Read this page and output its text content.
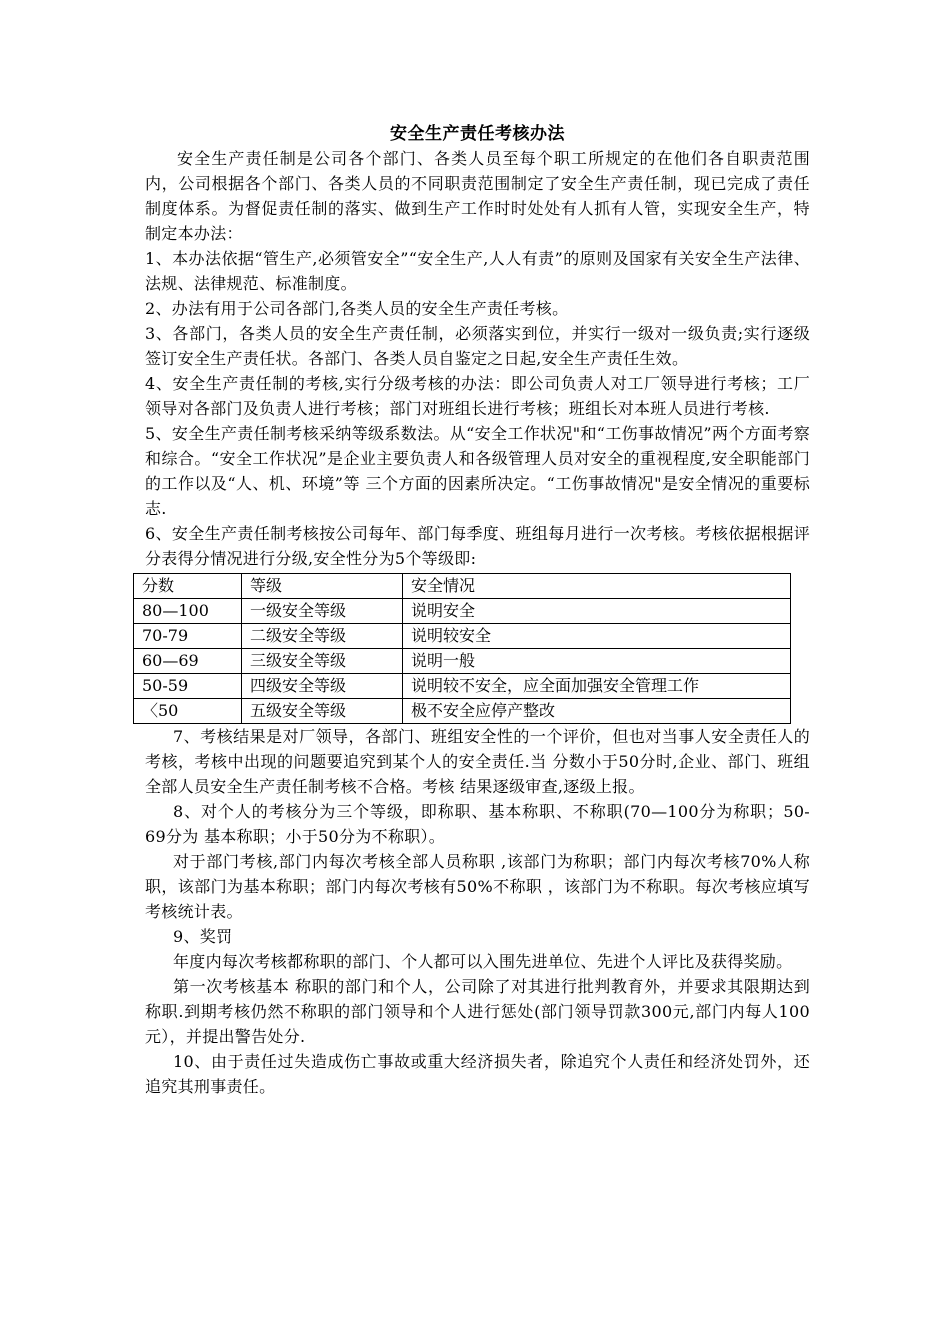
安全生产责任考核办法

安全生产责任制是公司各个部门、各类人员至每个职工所规定的在他们各自职责范围内，公司根据各个部门、各类人员的不同职责范围制定了安全生产责任制，现已完成了责任制度体系。为督促责任制的落实、做到生产工作时时处处有人抓有人管，实现安全生产，特制定本办法：

1、本办法依据“管生产,必须管安全”“安全生产,人人有责”的原则及国家有关安全生产法律、法规、法律规范、标准制度。

2、办法有用于公司各部门,各类人员的安全生产责任考核。

3、各部门，各类人员的安全生产责任制，必须落实到位，并实行一级对一级负责;实行逐级签订安全生产责任状。各部门、各类人员自鉴定之日起,安全生产责任生效。

4、安全生产责任制的考核,实行分级考核的办法：即公司负责人对工厂领导进行考核；工厂领导对各部门及负责人进行考核；部门对班组长进行考核；班组长对本班人员进行考核.

5、安全生产责任制考核采纳等级系数法。从“安全工作状况"和“工伤事故情况”两个方面考察和综合。“安全工作状况”是企业主要负责人和各级管理人员对安全的重视程度,安全职能部门的工作以及“人、机、环境”等 三个方面的因素所决定。“工伤事故情况"是安全情况的重要标志.

6、安全生产责任制考核按公司每年、部门每季度、班组每月进行一次考核。考核依据根据评分表得分情况进行分级,安全性分为5个等级即:

分数	等级	安全情况
80—100	一级安全等级	说明安全
70-79	二级安全等级	说明较安全
60—69	三级安全等级	说明一般
50-59	四级安全等级	说明较不安全，应全面加强安全管理工作
〈50	五级安全等级	极不安全应停产整改

7、考核结果是对厂领导，各部门、班组安全性的一个评价，但也对当事人安全责任人的考核，考核中出现的问题要追究到某个人的安全责任.当 分数小于50分时,企业、部门、班组全部人员安全生产责任制考核不合格。考核 结果逐级审查,逐级上报。

8、对个人的考核分为三个等级，即称职、基本称职、不称职(70—100分为称职；50-69分为 基本称职；小于50分为不称职）。

对于部门考核,部门内每次考核全部人员称职 ,该部门为称职；部门内每次考核70%人称职，该部门为基本称职；部门内每次考核有50%不称职 ，该部门为不称职。每次考核应填写考核统计表。

9、奖罚

年度内每次考核都称职的部门、个人都可以入围先进单位、先进个人评比及获得奖励。

第一次考核基本 称职的部门和个人，公司除了对其进行批判教育外，并要求其限期达到称职.到期考核仍然不称职的部门领导和个人进行惩处(部门领导罚款300元,部门内每人100元），并提出警告处分.

10、由于责任过失造成伤亡事故或重大经济损失者，除追究个人责任和经济处罚外，还追究其刑事责任。
